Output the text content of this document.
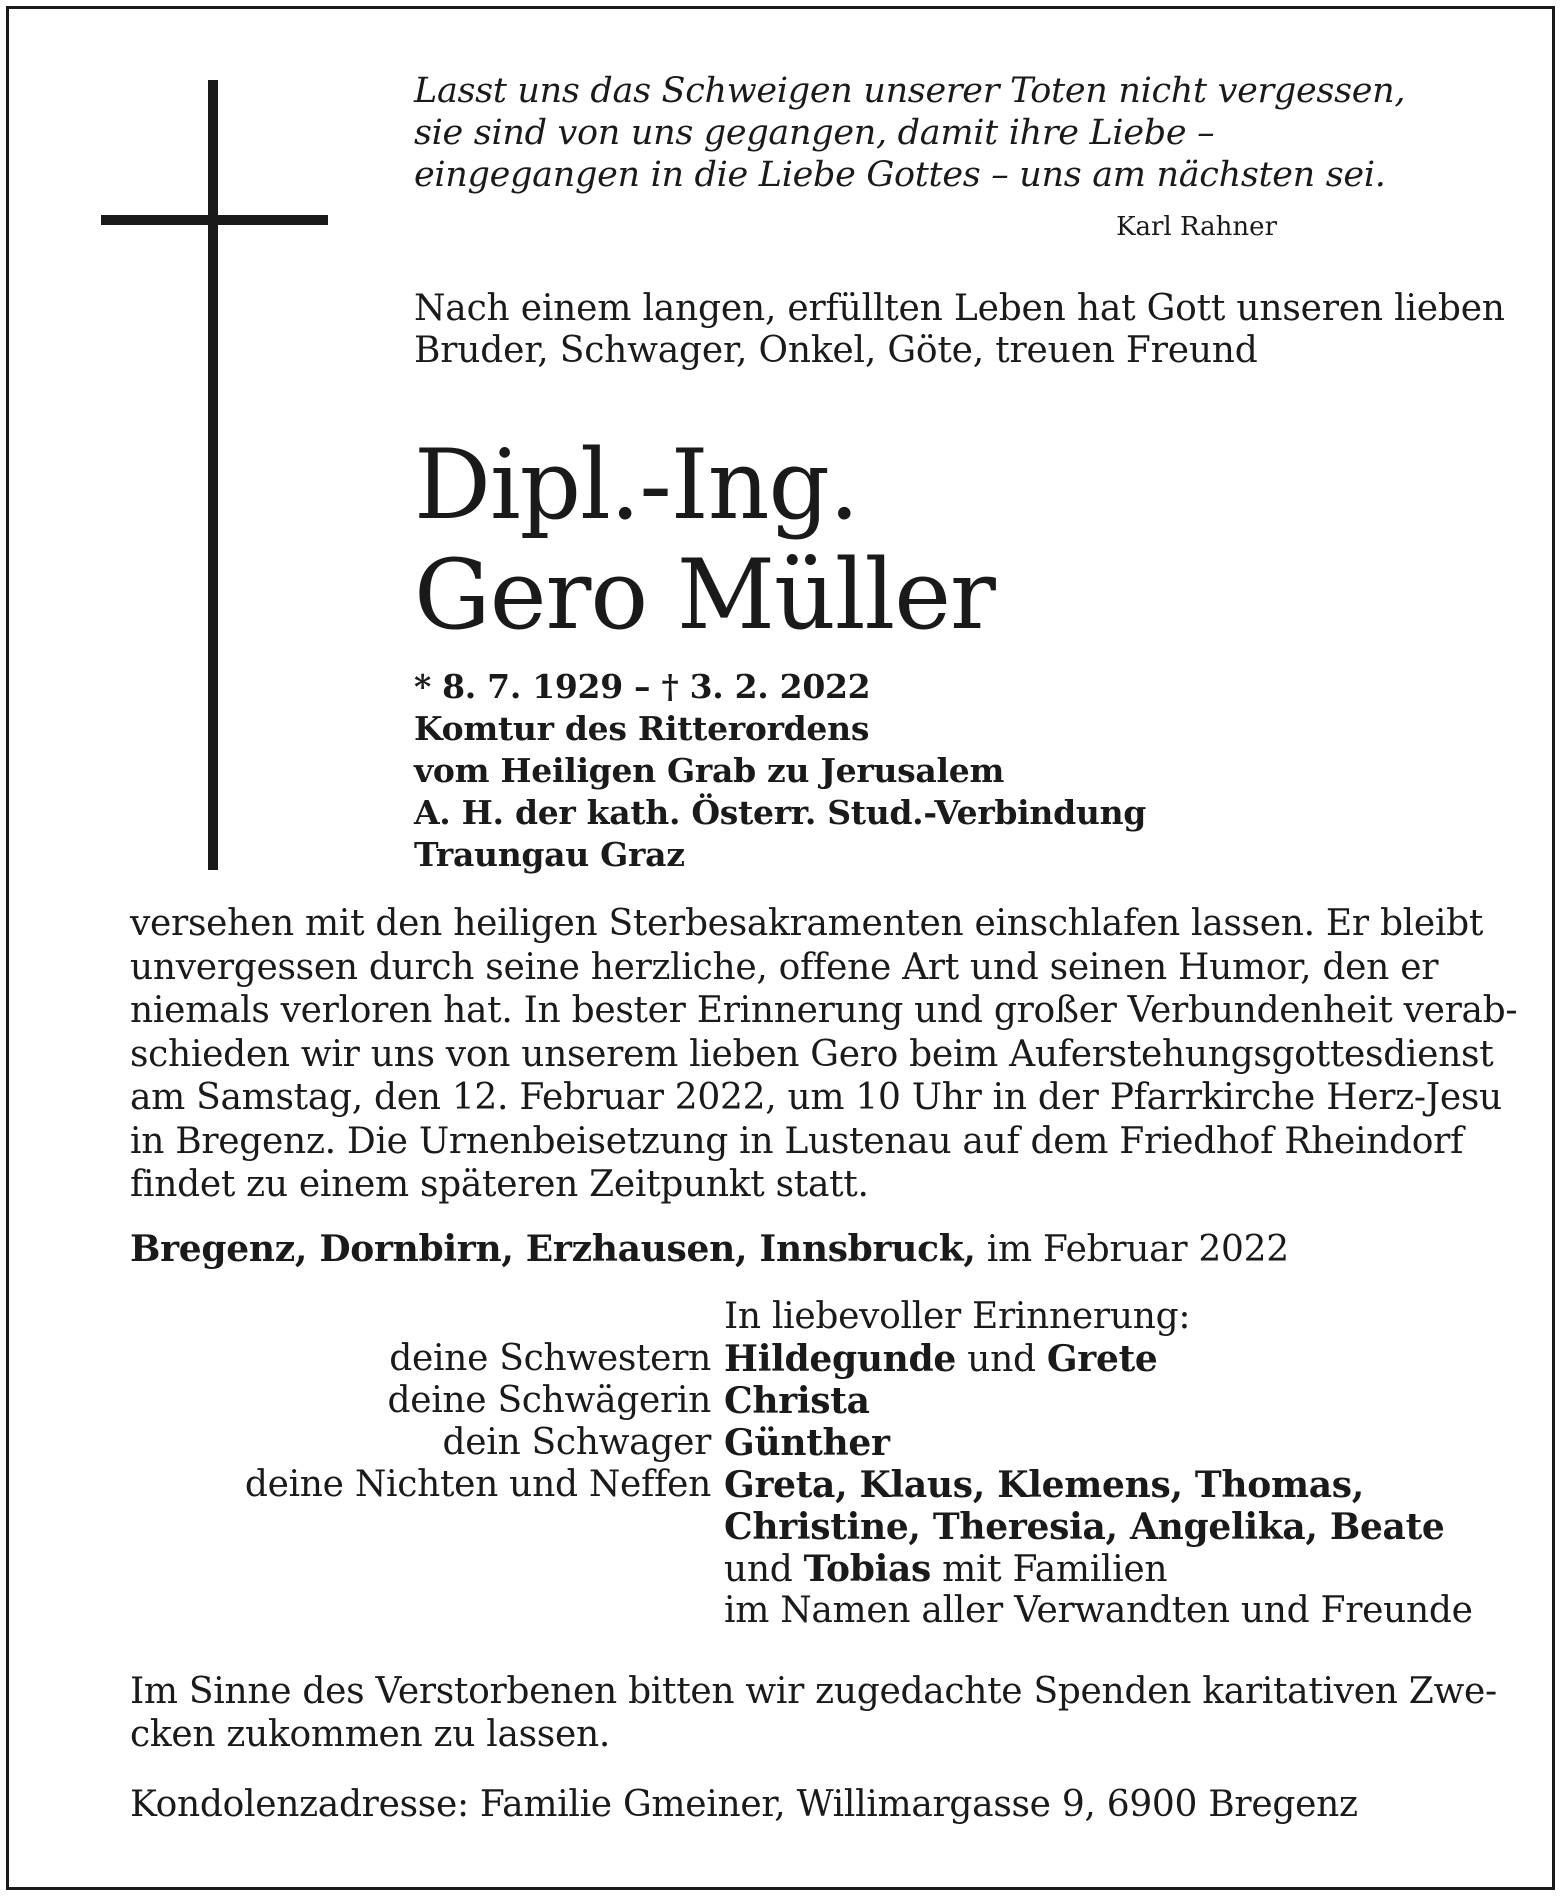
Lasst uns das Schweigen unserer Toten nicht vergessen,
sie sind von uns gegangen, damit ihre Liebe –
eingegangen in die Liebe Gottes – uns am nächsten sei.
Karl Rahner
Nach einem langen, erfüllten Leben hat Gott unseren lieben
Bruder, Schwager, Onkel, Göte, treuen Freund
Dipl.-Ing.
Gero Müller
* 8. 7. 1929 – † 3. 2. 2022
Komtur des Ritterordens
vom Heiligen Grab zu Jerusalem
A. H. der kath. Österr. Stud.-Verbindung
Traungau Graz
versehen mit den heiligen Sterbesakramenten einschlafen lassen. Er bleibt
unvergessen durch seine herzliche, offene Art und seinen Humor, den er
niemals verloren hat. In bester Erinnerung und großer Verbundenheit verab-
schieden wir uns von unserem lieben Gero beim Auferstehungsgottesdienst
am Samstag, den 12. Februar 2022, um 10 Uhr in der Pfarrkirche Herz-Jesu
in Bregenz. Die Urnenbeisetzung in Lustenau auf dem Friedhof Rheindorf
findet zu einem späteren Zeitpunkt statt.
Bregenz, Dornbirn, Erzhausen, Innsbruck, im Februar 2022
In liebevoller Erinnerung:
deine Schwestern Hildegunde und Grete
deine Schwägerin Christa
dein Schwager Günther
deine Nichten und Neffen Greta, Klaus, Klemens, Thomas,
Christine, Theresia, Angelika, Beate
und Tobias mit Familien
im Namen aller Verwandten und Freunde
Im Sinne des Verstorbenen bitten wir zugedachte Spenden karitativen Zwe-
cken zukommen zu lassen.
Kondolenzadresse: Familie Gmeiner, Willimargasse 9, 6900 Bregenz
